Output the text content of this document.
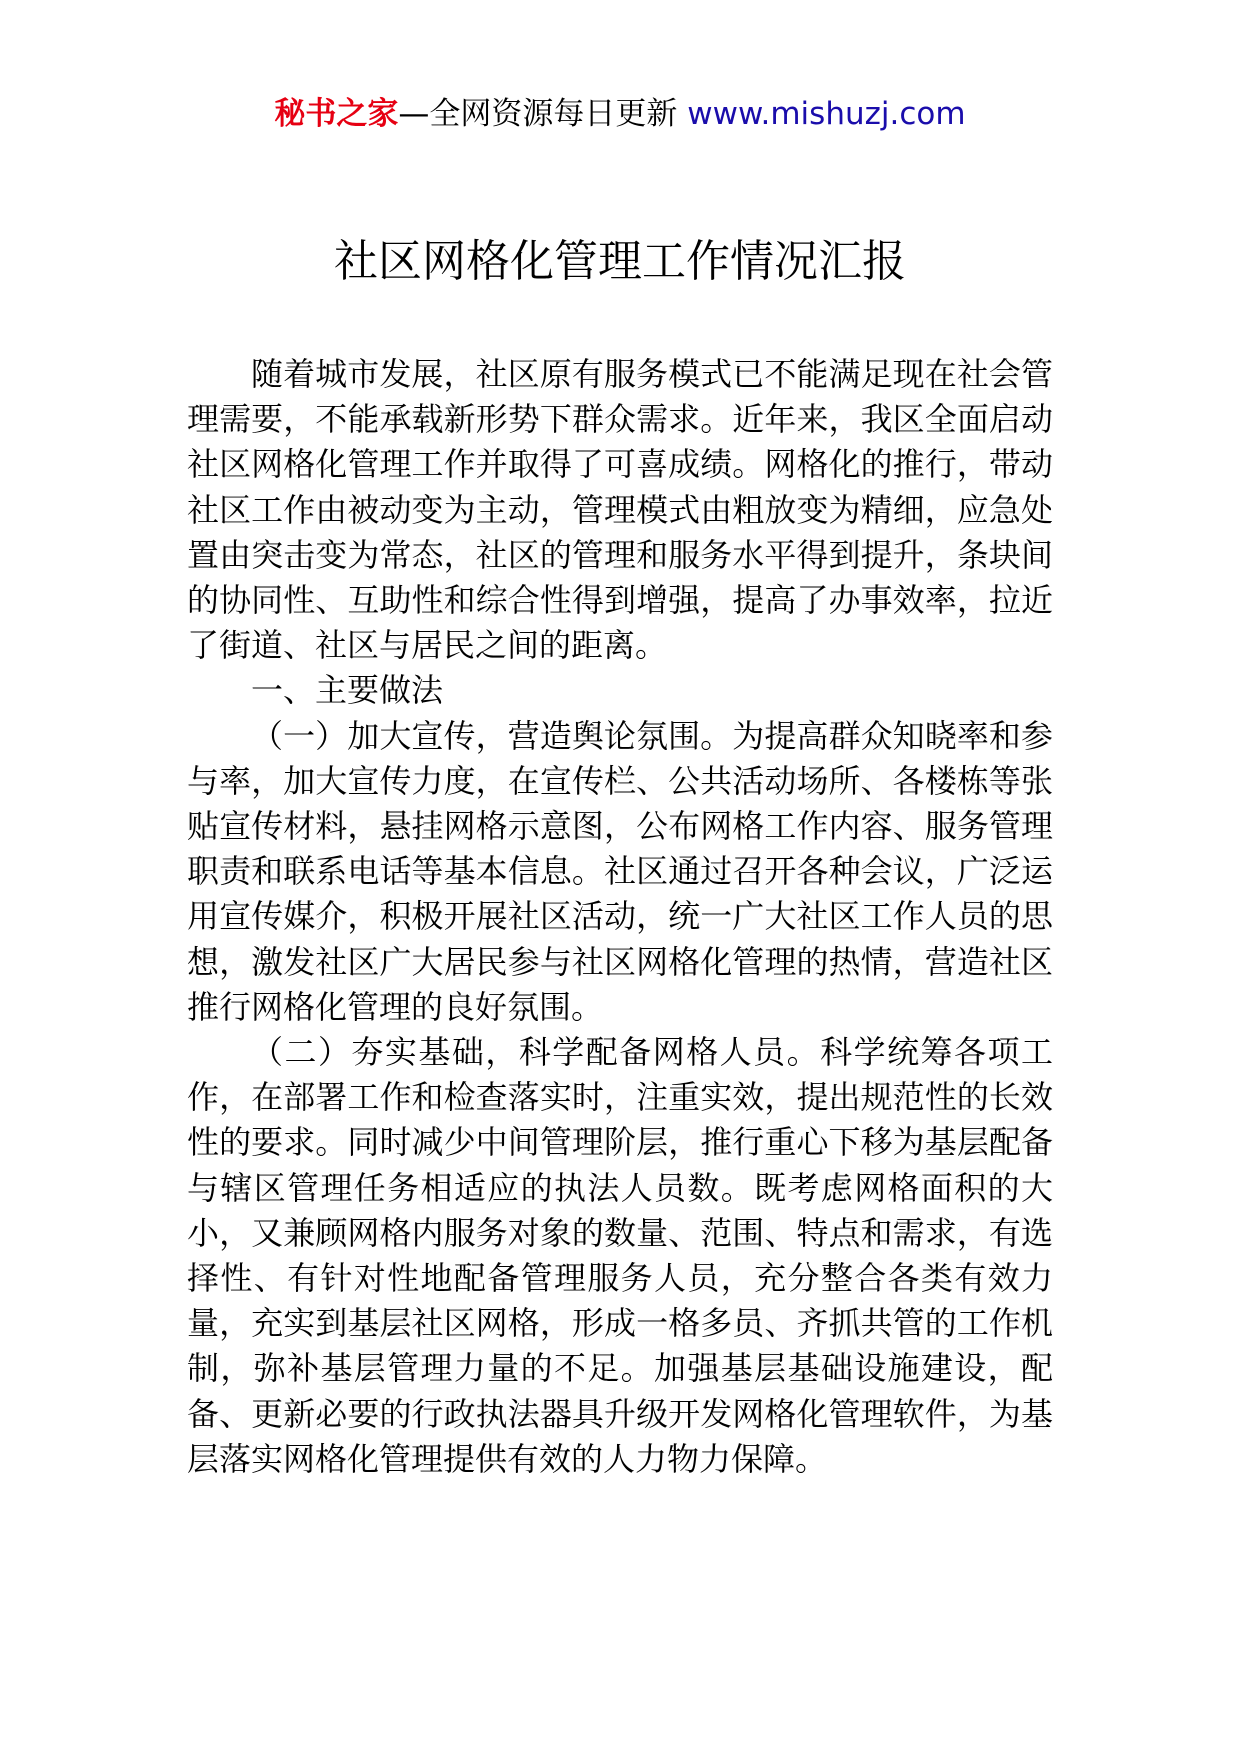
秘书之家—全网资源每日更新 www.mishuzj.com
社区网格化管理工作情况汇报

随着城市发展，社区原有服务模式已不能满足现在社会管理需要，不能承载新形势下群众需求。近年来，我区全面启动社区网格化管理工作并取得了可喜成绩。网格化的推行，带动社区工作由被动变为主动，管理模式由粗放变为精细，应急处置由突击变为常态，社区的管理和服务水平得到提升，条块间的协同性、互助性和综合性得到增强，提高了办事效率，拉近了街道、社区与居民之间的距离。

一、主要做法

（一）加大宣传，营造舆论氛围。为提高群众知晓率和参与率，加大宣传力度，在宣传栏、公共活动场所、各楼栋等张贴宣传材料，悬挂网格示意图，公布网格工作内容、服务管理职责和联系电话等基本信息。社区通过召开各种会议，广泛运用宣传媒介，积极开展社区活动，统一广大社区工作人员的思想，激发社区广大居民参与社区网格化管理的热情，营造社区推行网格化管理的良好氛围。

（二）夯实基础，科学配备网格人员。科学统筹各项工作，在部署工作和检查落实时，注重实效，提出规范性的长效性的要求。同时减少中间管理阶层，推行重心下移为基层配备与辖区管理任务相适应的执法人员数。既考虑网格面积的大小，又兼顾网格内服务对象的数量、范围、特点和需求，有选择性、有针对性地配备管理服务人员，充分整合各类有效力量，充实到基层社区网格，形成一格多员、齐抓共管的工作机制，弥补基层管理力量的不足。加强基层基础设施建设，配备、更新必要的行政执法器具升级开发网格化管理软件，为基层落实网格化管理提供有效的人力物力保障。
